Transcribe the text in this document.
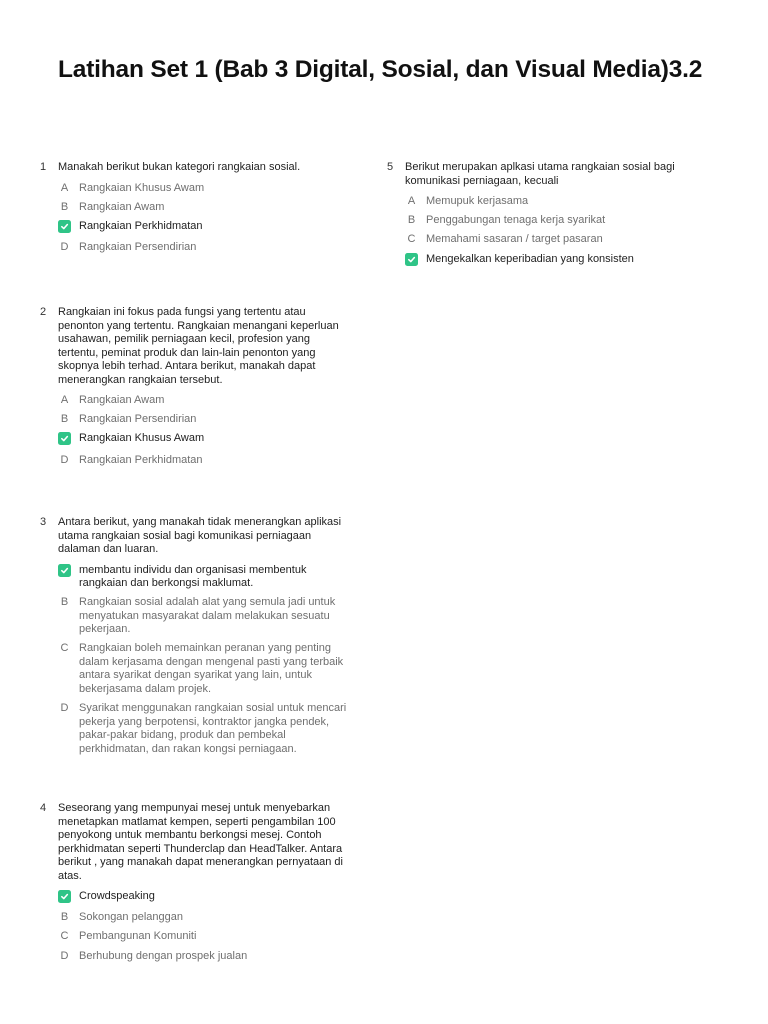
Latihan Set 1 (Bab 3 Digital, Sosial, dan Visual Media)3.2
1	Manakah berikut bukan kategori rangkaian sosial.
A Rangkaian Khusus Awam
B Rangkaian Awam
Rangkaian Perkhidmatan
D Rangkaian Persendirian
2	Rangkaian ini fokus pada fungsi yang tertentu atau penonton yang tertentu. Rangkaian menangani keperluan usahawan, pemilik perniagaan kecil, profesion yang tertentu, peminat produk dan lain-lain penonton yang skopnya lebih terhad. Antara berikut, manakah dapat menerangkan rangkaian tersebut.
A Rangkaian Awam
B Rangkaian Persendirian
Rangkaian Khusus Awam
D Rangkaian Perkhidmatan
3	Antara berikut, yang manakah tidak menerangkan aplikasi utama rangkaian sosial bagi komunikasi perniagaan dalaman dan luaran.
membantu individu dan organisasi membentuk rangkaian dan berkongsi maklumat.
B Rangkaian sosial adalah alat yang semula jadi untuk menyatukan masyarakat dalam melakukan sesuatu pekerjaan.
C Rangkaian boleh memainkan peranan yang penting dalam kerjasama dengan mengenal pasti yang terbaik antara syarikat dengan syarikat yang lain, untuk bekerjasama dalam projek.
D Syarikat menggunakan rangkaian sosial untuk mencari pekerja yang berpotensi, kontraktor jangka pendek, pakar-pakar bidang, produk dan pembekal perkhidmatan, dan rakan kongsi perniagaan.
4	Seseorang yang mempunyai mesej untuk menyebarkan menetapkan matlamat kempen, seperti pengambilan 100 penyokong untuk membantu berkongsi mesej. Contoh perkhidmatan seperti Thunderclap dan HeadTalker. Antara berikut , yang manakah dapat menerangkan pernyataan di atas.
Crowdspeaking
B Sokongan pelanggan
C Pembangunan Komuniti
D Berhubung dengan prospek jualan
5	Berikut merupakan aplkasi utama rangkaian sosial bagi komunikasi perniagaan, kecuali
A Memupuk kerjasama
B Penggabungan tenaga kerja syarikat
C Memahami sasaran / target pasaran
Mengekalkan keperibadian yang konsisten
